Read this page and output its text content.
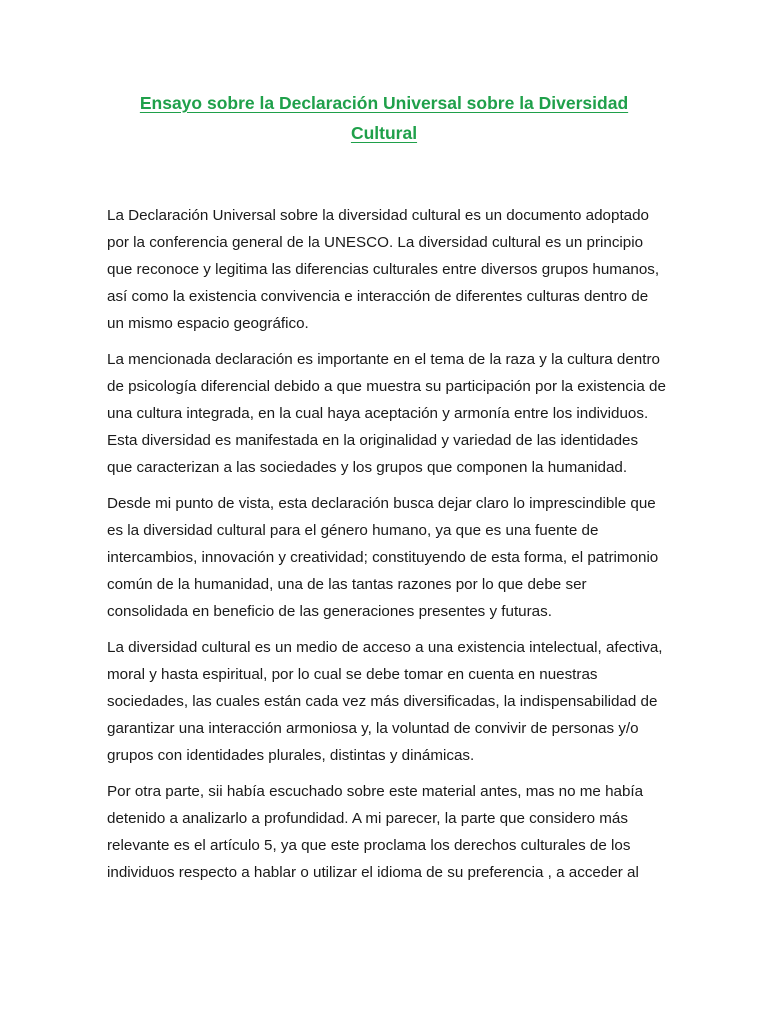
Ensayo sobre la Declaración Universal sobre la Diversidad
Cultural

La Declaración Universal sobre la diversidad cultural es un documento adoptado
por la conferencia general de la UNESCO. La diversidad cultural es un principio
que reconoce y legitima las diferencias culturales entre diversos grupos humanos,
así como la existencia convivencia e interacción de diferentes culturas dentro de
un mismo espacio geográfico.

La mencionada declaración es importante en el tema de la raza y la cultura dentro
de psicología diferencial debido a que muestra su participación por la existencia de
una cultura integrada, en la cual haya aceptación y armonía entre los individuos.
Esta diversidad es manifestada en la originalidad y variedad de las identidades
que caracterizan a las sociedades y los grupos que componen la humanidad.

Desde mi punto de vista, esta declaración busca dejar claro lo imprescindible que
es la diversidad cultural para el género humano, ya que es una fuente de
intercambios, innovación y creatividad; constituyendo de esta forma, el patrimonio
común de la humanidad, una de las tantas razones por lo que debe ser
consolidada en beneficio de las generaciones presentes y futuras.

La diversidad cultural es un medio de acceso a una existencia intelectual, afectiva,
moral y hasta espiritual, por lo cual se debe tomar en cuenta en nuestras
sociedades, las cuales están cada vez más diversificadas, la indispensabilidad de
garantizar una interacción armoniosa y, la voluntad de convivir de personas y/o
grupos con identidades plurales, distintas y dinámicas.

Por otra parte, sii había escuchado sobre este material antes, mas no me había
detenido a analizarlo a profundidad. A mi parecer, la parte que considero más
relevante es el artículo 5, ya que este proclama los derechos culturales de los
individuos respecto a hablar o utilizar el idioma de su preferencia , a acceder al
